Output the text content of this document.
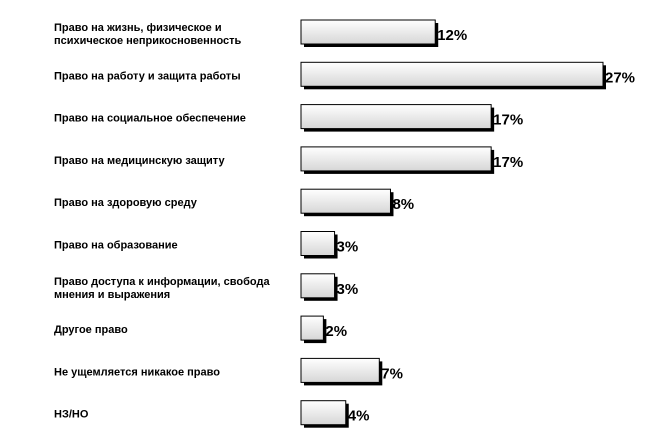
Право на жизнь, физическое и психическое неприкосновенность	12%
Право на работу и защита работы	27%
Право на социальное обеспечение	17%
Право на медицинскую защиту	17%
Право на здоровую среду	8%
Право на образование	3%
Право доступа к информации, свобода мнения и выражения	3%
Другое право	2%
Не ущемляется никакое право	7%
НЗ/НО	4%
